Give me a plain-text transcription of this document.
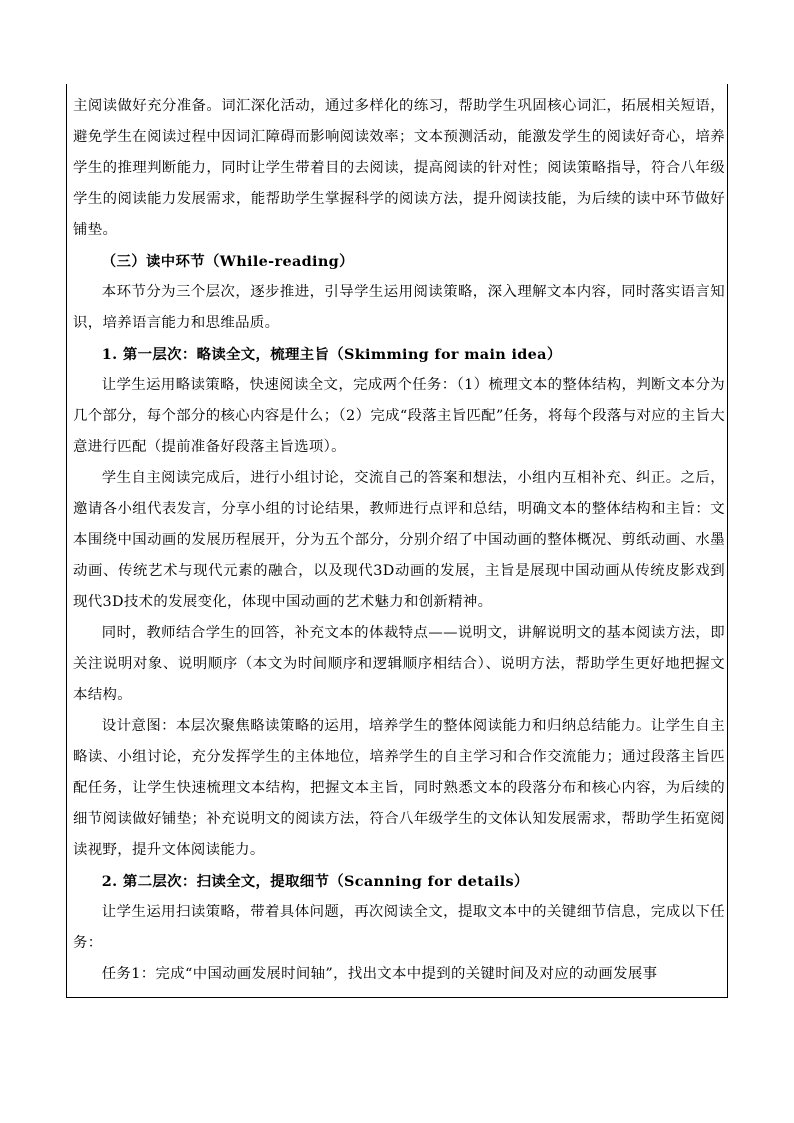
主阅读做好充分准备。词汇深化活动，通过多样化的练习，帮助学生巩固核心词汇，拓展相关短语，避免学生在阅读过程中因词汇障碍而影响阅读效率；文本预测活动，能激发学生的阅读好奇心，培养学生的推理判断能力，同时让学生带着目的去阅读，提高阅读的针对性；阅读策略指导，符合八年级学生的阅读能力发展需求，能帮助学生掌握科学的阅读方法，提升阅读技能，为后续的读中环节做好铺垫。

（三）读中环节（While-reading）

本环节分为三个层次，逐步推进，引导学生运用阅读策略，深入理解文本内容，同时落实语言知识，培养语言能力和思维品质。

1. 第一层次：略读全文，梳理主旨（Skimming for main idea）

让学生运用略读策略，快速阅读全文，完成两个任务：（1）梳理文本的整体结构，判断文本分为几个部分，每个部分的核心内容是什么；（2）完成“段落主旨匹配”任务，将每个段落与对应的主旨大意进行匹配（提前准备好段落主旨选项）。

学生自主阅读完成后，进行小组讨论，交流自己的答案和想法，小组内互相补充、纠正。之后，邀请各小组代表发言，分享小组的讨论结果，教师进行点评和总结，明确文本的整体结构和主旨：文本围绕中国动画的发展历程展开，分为五个部分，分别介绍了中国动画的整体概况、剪纸动画、水墨动画、传统艺术与现代元素的融合，以及现代3D动画的发展，主旨是展现中国动画从传统皮影戏到现代3D技术的发展变化，体现中国动画的艺术魅力和创新精神。

同时，教师结合学生的回答，补充文本的体裁特点——说明文，讲解说明文的基本阅读方法，即关注说明对象、说明顺序（本文为时间顺序和逻辑顺序相结合）、说明方法，帮助学生更好地把握文本结构。

设计意图：本层次聚焦略读策略的运用，培养学生的整体阅读能力和归纳总结能力。让学生自主略读、小组讨论，充分发挥学生的主体地位，培养学生的自主学习和合作交流能力；通过段落主旨匹配任务，让学生快速梳理文本结构，把握文本主旨，同时熟悉文本的段落分布和核心内容，为后续的细节阅读做好铺垫；补充说明文的阅读方法，符合八年级学生的文体认知发展需求，帮助学生拓宽阅读视野，提升文体阅读能力。

2. 第二层次：扫读全文，提取细节（Scanning for details）

让学生运用扫读策略，带着具体问题，再次阅读全文，提取文本中的关键细节信息，完成以下任务：

任务1：完成“中国动画发展时间轴”，找出文本中提到的关键时间及对应的动画发展事
